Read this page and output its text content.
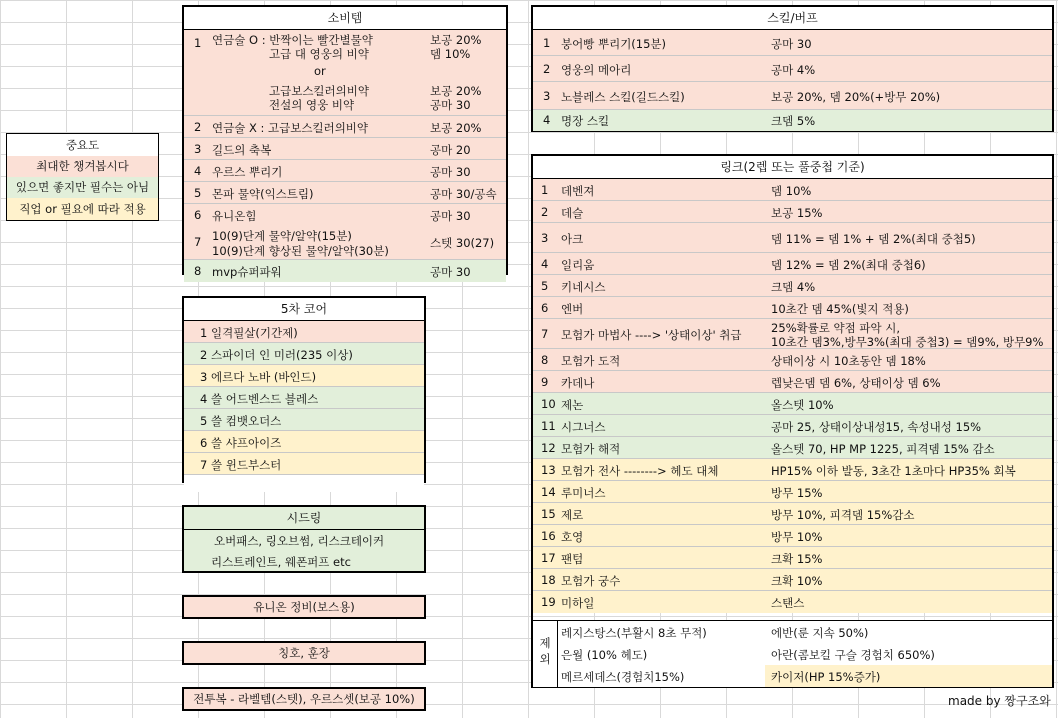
중요도
최대한 챙겨봅시다
있으면 좋지만 필수는 아님
직업 or 필요에 따라 적용
소비템
1 연금술 O : 반짝이는 빨간별물약	보공 20%
고급 대 영웅의 비약	뎀 10%
or
고급보스킬러의비약	보공 20%
전설의 영웅 비약	공마 30
2 연금술 X : 고급보스킬러의비약	보공 20%
3 길드의 축복	공마 20
4 우르스 뿌리기	공마 30
5 몬파 물약(익스트림)	공마 30/공속
6 유니온힘	공마 30
7 10(9)단계 물약/알약(15분)
10(9)단계 향상된 물약/알약(30분)
스텟 30(27)
8 mvp슈퍼파워	공마 30
5차 코어
1 일격필살(기간제)
2 스파이더 인 미러(235 이상)
3 에르다 노바 (바인드)
4 쓸 어드벤스드 블레스
5 쓸 컴뱃오더스
6 쓸 샤프아이즈
7 쓸 윈드부스터
시드링
오버패스, 링오브썸, 리스크테이커
리스트레인트, 웨폰퍼프 etc
유니온 정비(보스용)
칭호, 훈장
전투복 - 라벨템(스텟), 우르스셋(보공 10%)
스킬/버프
1 붕어빵 뿌리기(15분)	공마 30
2 영웅의 메아리	공마 4%
3 노블레스 스킬(길드스킬)	보공 20%, 뎀 20%(+방무 20%)
4 명장 스킬	크뎀 5%
링크(2렙 또는 풀중첩 기준)
1 데벤져	뎀 10%
2 데슬	보공 15%
3 아크	뎀 11% = 뎀 1% + 뎀 2%(최대 중첩5)
4 일리움	뎀 12% = 뎀 2%(최대 중첩6)
5 키네시스	크뎀 4%
6 엔버	10초간 뎀 45%(빛지 적용)
7 모험가 마법사 ----> '상태이상' 취급	25%확률로 약점 파악 시,
10초간 뎀3%,방무3%(최대 중첩3) = 뎀9%, 방무9%
8 모험가 도적	상태이상 시 10초동안 뎀 18%
9 카데나	렙낮은뎀 뎀 6%, 상태이상 뎀 6%
10 제논	올스텟 10%
11 시그너스	공마 25, 상태이상내성15, 속성내성 15%
12 모험가 해적	올스텟 70, HP MP 1225, 피격뎀 15% 감소
13 모험가 전사 --------> 헤도 대체	HP15% 이하 발동, 3초간 1초마다 HP35% 회복
14 루미너스	방무 15%
15 제로	방무 10%, 피격뎀 15%감소
16 호영	방무 10%
17 팬텀	크확 15%
18 모험가 궁수	크확 10%
19 미하일	스탠스
제
외
레지스탕스(부활시 8초 무적)	에반(룬 지속 50%)
은월 (10% 헤도)	아란(콤보킬 구슬 경험치 650%)
메르세데스(경험치15%)	카이저(HP 15%증가)
made by 짱구조와
